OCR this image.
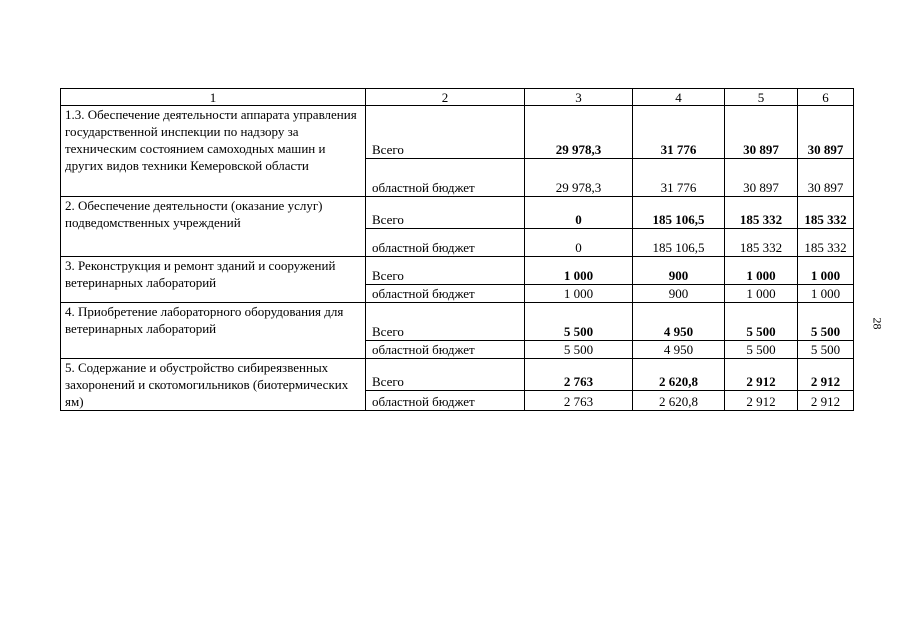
1	2	3	4	5	6
1.3. Обеспечение деятельности аппарата управления государственной инспекции по надзору за техническим состоянием самоходных машин и других видов техники Кемеровской области	Всего	29 978,3	31 776	30 897	30 897
	областной бюджет	29 978,3	31 776	30 897	30 897
2. Обеспечение деятельности (оказание услуг) подведомственных учреждений	Всего	0	185 106,5	185 332	185 332
	областной бюджет	0	185 106,5	185 332	185 332
3. Реконструкция и ремонт зданий и сооружений ветеринарных лабораторий	Всего	1 000	900	1 000	1 000
	областной бюджет	1 000	900	1 000	1 000
4. Приобретение лабораторного оборудования для ветеринарных лабораторий	Всего	5 500	4 950	5 500	5 500
	областной бюджет	5 500	4 950	5 500	5 500
5. Содержание и обустройство сибиреязвенных захоронений и скотомогильников (биотермических ям)	Всего	2 763	2 620,8	2 912	2 912
	областной бюджет	2 763	2 620,8	2 912	2 912
28
